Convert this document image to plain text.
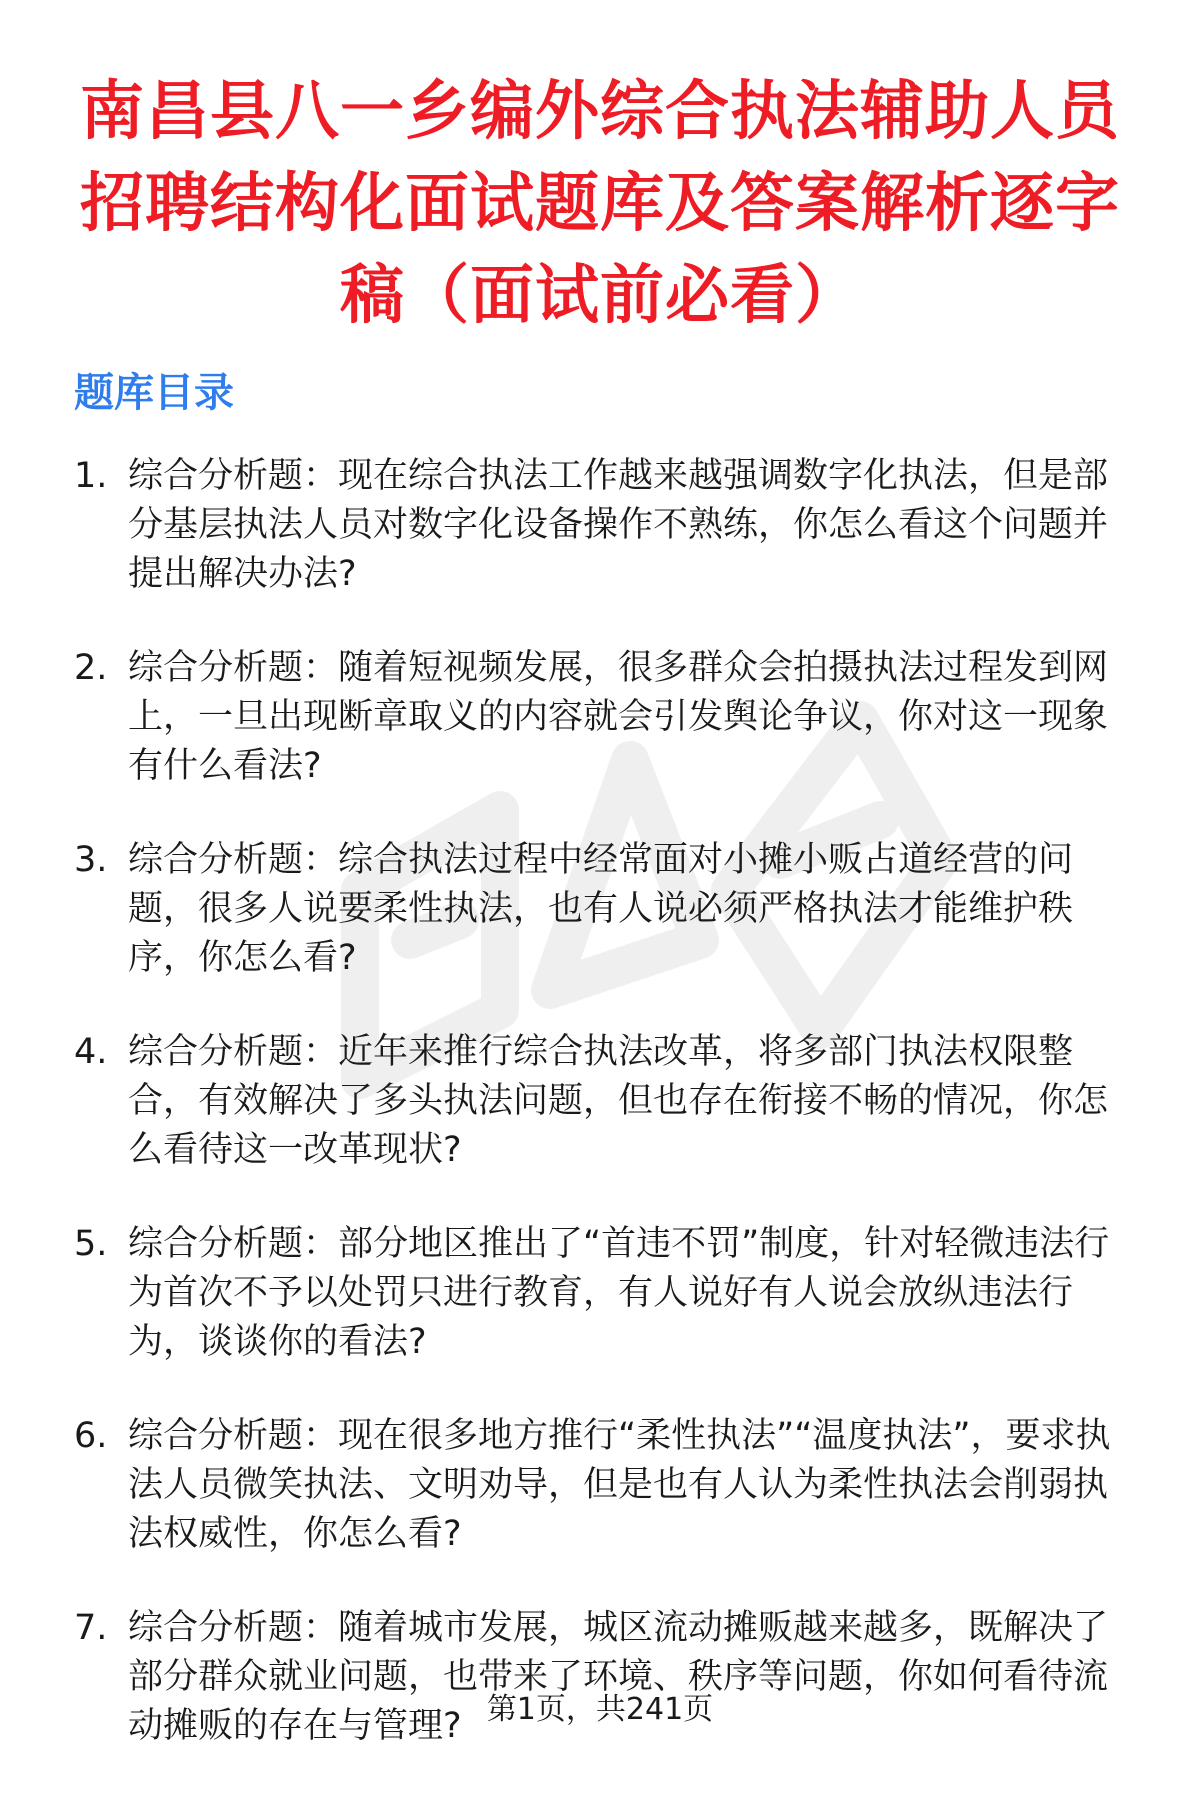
南昌县八一乡编外综合执法辅助人员招聘结构化面试题库及答案解析逐字稿（面试前必看）
题库目录
1. 综合分析题：现在综合执法工作越来越强调数字化执法，但是部分基层执法人员对数字化设备操作不熟练，你怎么看这个问题并提出解决办法?
2. 综合分析题：随着短视频发展，很多群众会拍摄执法过程发到网上，一旦出现断章取义的内容就会引发舆论争议，你对这一现象有什么看法?
3. 综合分析题：综合执法过程中经常面对小摊小贩占道经营的问题，很多人说要柔性执法，也有人说必须严格执法才能维护秩序，你怎么看?
4. 综合分析题：近年来推行综合执法改革，将多部门执法权限整合，有效解决了多头执法问题，但也存在衔接不畅的情况，你怎么看待这一改革现状?
5. 综合分析题：部分地区推出了“首违不罚”制度，针对轻微违法行为首次不予以处罚只进行教育，有人说好有人说会放纵违法行为，谈谈你的看法?
6. 综合分析题：现在很多地方推行“柔性执法”“温度执法”，要求执法人员微笑执法、文明劝导，但是也有人认为柔性执法会削弱执法权威性，你怎么看?
7. 综合分析题：随着城市发展，城区流动摊贩越来越多，既解决了部分群众就业问题，也带来了环境、秩序等问题，你如何看待流动摊贩的存在与管理? 第1页，共241页
